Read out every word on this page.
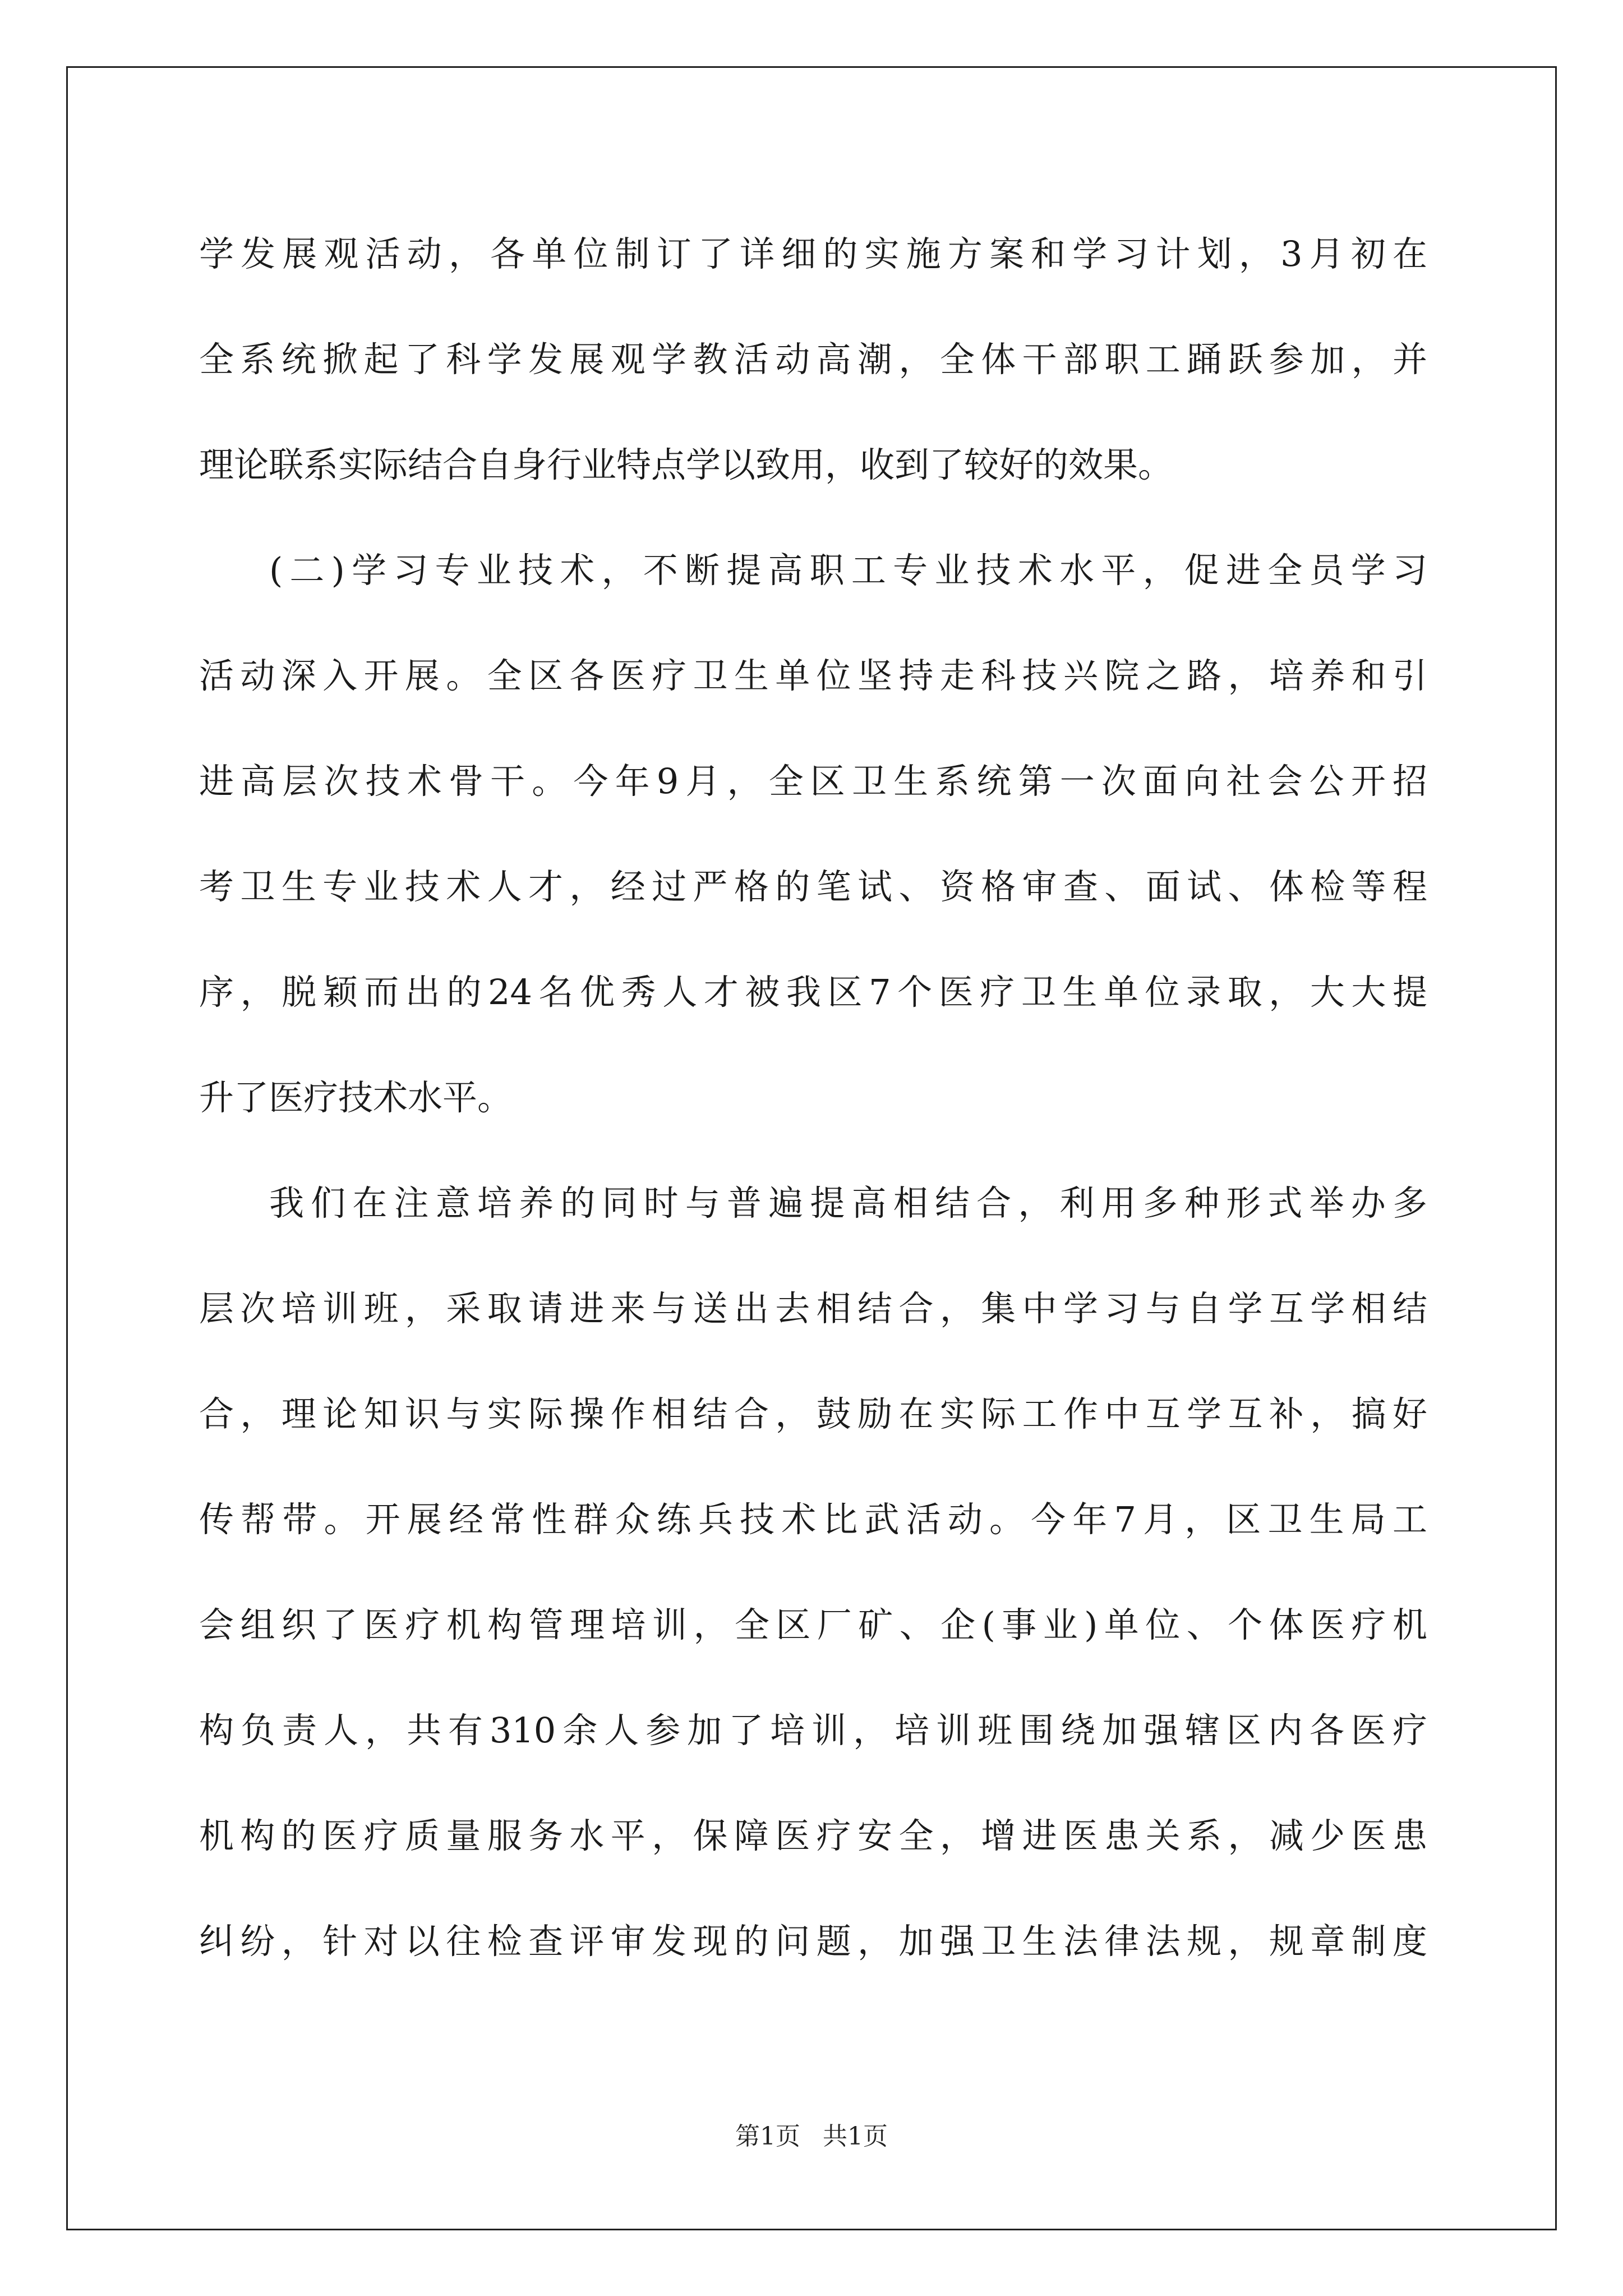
学发展观活动，各单位制订了详细的实施方案和学习计划，3月初在
全系统掀起了科学发展观学教活动高潮，全体干部职工踊跃参加，并
理论联系实际结合自身行业特点学以致用，收到了较好的效果。
(二)学习专业技术，不断提高职工专业技术水平，促进全员学习
活动深入开展。全区各医疗卫生单位坚持走科技兴院之路，培养和引
进高层次技术骨干。今年9月，全区卫生系统第一次面向社会公开招
考卫生专业技术人才，经过严格的笔试、资格审查、面试、体检等程
序，脱颖而出的24名优秀人才被我区7个医疗卫生单位录取，大大提
升了医疗技术水平。
我们在注意培养的同时与普遍提高相结合，利用多种形式举办多
层次培训班，采取请进来与送出去相结合，集中学习与自学互学相结
合，理论知识与实际操作相结合，鼓励在实际工作中互学互补，搞好
传帮带。开展经常性群众练兵技术比武活动。今年7月，区卫生局工
会组织了医疗机构管理培训，全区厂矿、企(事业)单位、个体医疗机
构负责人，共有310余人参加了培训，培训班围绕加强辖区内各医疗
机构的医疗质量服务水平，保障医疗安全，增进医患关系，减少医患
纠纷，针对以往检查评审发现的问题，加强卫生法律法规，规章制度
第1页 共1页
